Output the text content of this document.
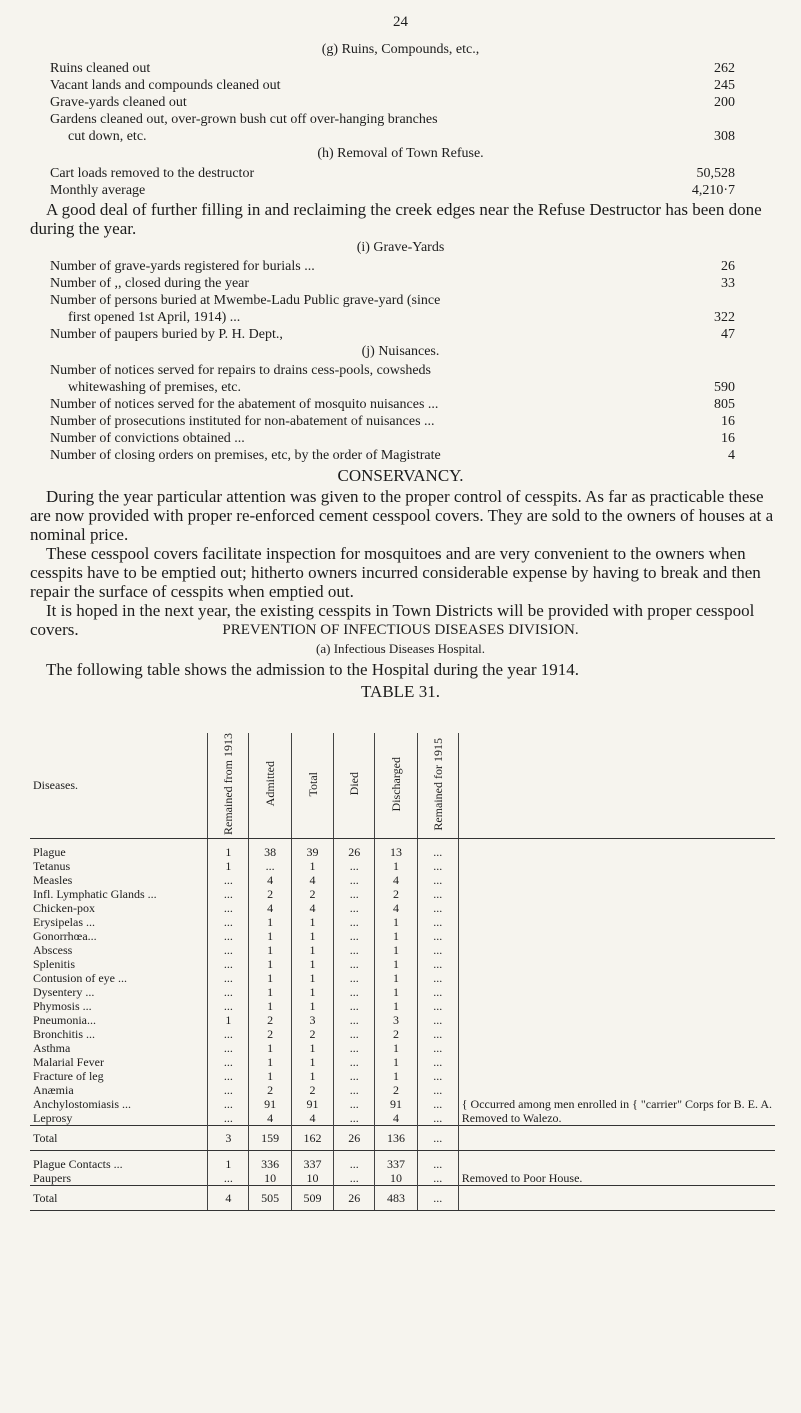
24
(g) Ruins, Compounds, etc.,
Ruins cleaned out	262
Vacant lands and compounds cleaned out	245
Grave-yards cleaned out	200
Gardens cleaned out, over-grown bush cut off over-hanging branches
cut down, etc.	308
(h) Removal of Town Refuse.
Cart loads removed to the destructor	50,528
Monthly average	4,210·7
A good deal of further filling in and reclaiming the creek edges near the Refuse Destructor has been done during the year.
(i) Grave-Yards
Number of grave-yards registered for burials ...	26
Number of ,, closed during the year	33
Number of persons buried at Mwembe-Ladu Public grave-yard (since
first opened 1st April, 1914) ...	322
Number of paupers buried by P. H. Dept.,	47
(j) Nuisances.
Number of notices served for repairs to drains cess-pools, cowsheds
whitewashing of premises, etc.	590
Number of notices served for the abatement of mosquito nuisances ...	805
Number of prosecutions instituted for non-abatement of nuisances ...	16
Number of convictions obtained ...	16
Number of closing orders on premises, etc, by the order of Magistrate	4
CONSERVANCY.

During the year particular attention was given to the proper control of cesspits. As far as practicable these are now provided with proper re-enforced cement cesspool covers. They are sold to the owners of houses at a nominal price.

These cesspool covers facilitate inspection for mosquitoes and are very convenient to the owners when cesspits have to be emptied out; hitherto owners incurred considerable expense by having to break and then repair the surface of cesspits when emptied out.

It is hoped in the next year, the existing cesspits in Town Districts will be provided with proper cesspool covers.	PREVENTION OF INFECTIOUS DISEASES DIVISION.
(a) Infectious Diseases Hospital.
The following table shows the admission to the Hospital during the year 1914.
TABLE 31.
Diseases.	Remained from 1913	Admitted	Total	Died	Discharged	Remained for 1915	

Plague	1	38	39	26	13	...	
Tetanus	1	...	1	...	1	...	
Measles	...	4	4	...	4	...	
Infl. Lymphatic Glands ...	...	2	2	...	2	...	
Chicken-pox	...	4	4	...	4	...	
Erysipelas ...	...	1	1	...	1	...	
Gonorrhœa...	...	1	1	...	1	...	
Abscess	...	1	1	...	1	...	
Splenitis	...	1	1	...	1	...	
Contusion of eye ...	...	1	1	...	1	...	
Dysentery ...	...	1	1	...	1	...	
Phymosis ...	...	1	1	...	1	...	
Pneumonia...	1	2	3	...	3	...	
Bronchitis ...	...	2	2	...	2	...	
Asthma	...	1	1	...	1	...	
Malarial Fever	...	1	1	...	1	...	
Fracture of leg	...	1	1	...	1	...	
Anæmia	...	2	2	...	2	...	
Anchylostomiasis ...	...	91	91	...	91	...	{ Occurred among men enrolled in { "carrier" Corps for B. E. A.
Leprosy	...	4	4	...	4	...	Removed to Walezo.
Total	3	159	162	26	136	...	

Plague Contacts ...	1	336	337	...	337	...	
Paupers	...	10	10	...	10	...	Removed to Poor House.
Total	4	505	509	26	483	...	
